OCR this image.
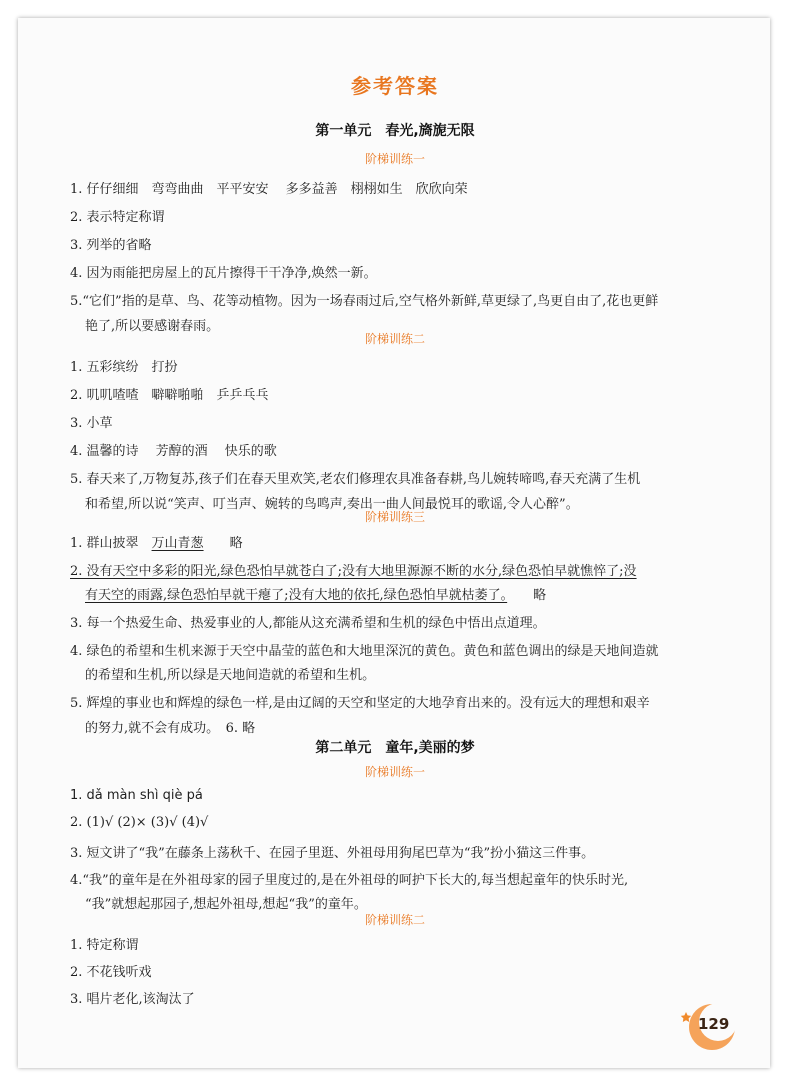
参考答案
第一单元　春光,旖旎无限
阶梯训练一
1. 仔仔细细　弯弯曲曲　平平安安　 多多益善　栩栩如生　欣欣向荣
2. 表示特定称谓
3. 列举的省略
4. 因为雨能把房屋上的瓦片擦得干干净净,焕然一新。
5.“它们”指的是草、鸟、花等动植物。因为一场春雨过后,空气格外新鲜,草更绿了,鸟更自由了,花也更鲜
艳了,所以要感谢春雨。
阶梯训练二
1. 五彩缤纷　打扮
2. 叽叽喳喳　噼噼啪啪　乒乒乓乓
3. 小草
4. 温馨的诗　 芳醇的酒　 快乐的歌
5. 春天来了,万物复苏,孩子们在春天里欢笑,老农们修理农具准备春耕,鸟儿婉转啼鸣,春天充满了生机
和希望,所以说“笑声、叮当声、婉转的鸟鸣声,奏出一曲人间最悦耳的歌谣,令人心醉”。
阶梯训练三
1. 群山披翠　万山青葱　　略
2. 没有天空中多彩的阳光,绿色恐怕早就苍白了;没有大地里源源不断的水分,绿色恐怕早就憔悴了;没
有天空的雨露,绿色恐怕早就干瘪了;没有大地的依托,绿色恐怕早就枯萎了。　　略
3. 每一个热爱生命、热爱事业的人,都能从这充满希望和生机的绿色中悟出点道理。
4. 绿色的希望和生机来源于天空中晶莹的蓝色和大地里深沉的黄色。黄色和蓝色调出的绿是天地间造就
的希望和生机,所以绿是天地间造就的希望和生机。
5. 辉煌的事业也和辉煌的绿色一样,是由辽阔的天空和坚定的大地孕育出来的。没有远大的理想和艰辛
的努力,就不会有成功。　6. 略
第二单元　童年,美丽的梦
阶梯训练一
1. dǎ màn shì qiè pá
2. (1)√ (2)× (3)√ (4)√
3. 短文讲了“我”在藤条上荡秋千、在园子里逛、外祖母用狗尾巴草为“我”扮小猫这三件事。
4.“我”的童年是在外祖母家的园子里度过的,是在外祖母的呵护下长大的,每当想起童年的快乐时光,
“我”就想起那园子,想起外祖母,想起“我”的童年。
阶梯训练二
1. 特定称谓
2. 不花钱听戏
3. 唱片老化,该淘汰了
129
